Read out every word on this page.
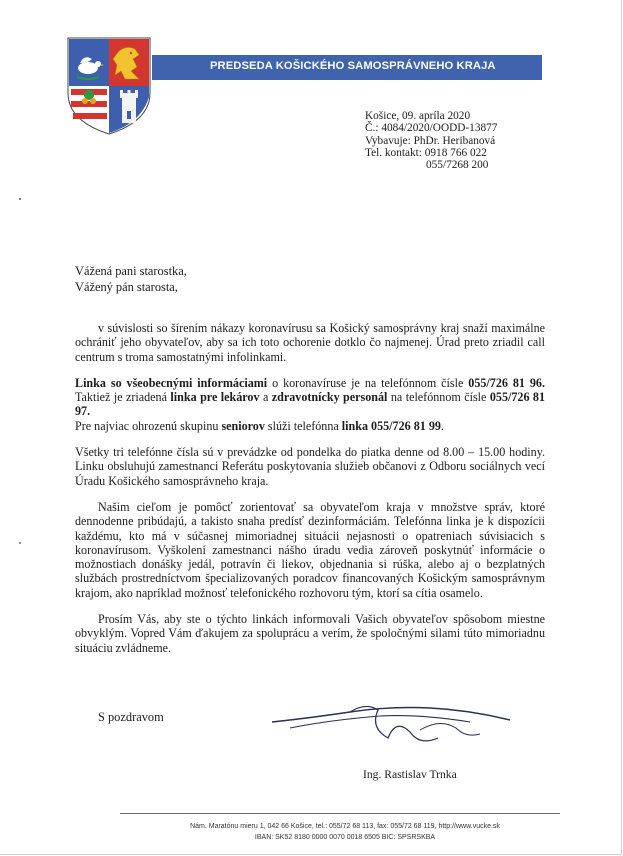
PREDSEDA KOŠICKÉHO SAMOSPRÁVNEHO KRAJA
Košice, 09. apríla 2020
Č.: 4084/2020/OODD-13877
Vybavuje: PhDr. Heribanová
Tel. kontakt: 0918 766 022
055/7268 200
Vážená pani starostka,
Vážený pán starosta,

v súvislosti so šírením nákazy koronavírusu sa Košický samosprávny kraj snaží maximálne ochrániť jeho obyvateľov, aby sa ich toto ochorenie dotklo čo najmenej. Úrad preto zriadil call centrum s troma samostatnými infolinkami.

Linka so všeobecnými informáciami o koronavíruse je na telefónnom čísle 055/726 81 96. Taktiež je zriadená linka pre lekárov a zdravotnícky personál na telefónnom čísle 055/726 81 97.
Pre najviac ohrozenú skupinu seniorov slúži telefónna linka 055/726 81 99.

Všetky tri telefónne čísla sú v prevádzke od pondelka do piatka denne od 8.00 – 15.00 hodiny. Linku obsluhujú zamestnanci Referátu poskytovania služieb občanovi z Odboru sociálnych vecí Úradu Košického samosprávneho kraja.

Našim cieľom je pomôcť zorientovať sa obyvateľom kraja v množstve správ, ktoré dennodenne pribúdajú, a takisto snaha predísť dezinformáciám. Telefónna linka je k dispozícii každému, kto má v súčasnej mimoriadnej situácii nejasnosti o opatreniach súvisiacich s koronavírusom. Vyškolení zamestnanci nášho úradu vedia zároveň poskytnúť informácie o možnostiach donášky jedál, potravín či liekov, objednania si rúška, alebo aj o bezplatných službách prostredníctvom špecializovaných poradcov financovaných Košickým samosprávnym krajom, ako napríklad možnosť telefonického rozhovoru tým, ktorí sa cítia osamelo.

Prosím Vás, aby ste o týchto linkách informovali Vašich obyvateľov spôsobom miestne obvyklým. Vopred Vám ďakujem za spoluprácu a verím, že spoločnými silami túto mimoriadnu situáciu zvládneme.

S pozdravom
Ing. Rastislav Trnka
Nám. Maratónu mieru 1, 042 66 Košice, tel.: 055/72 68 113, fax: 055/72 68 119, http://www.vucke.sk
IBAN: SK52 8180 0000 0070 0018 6505 BIC: SPSRSKBA
